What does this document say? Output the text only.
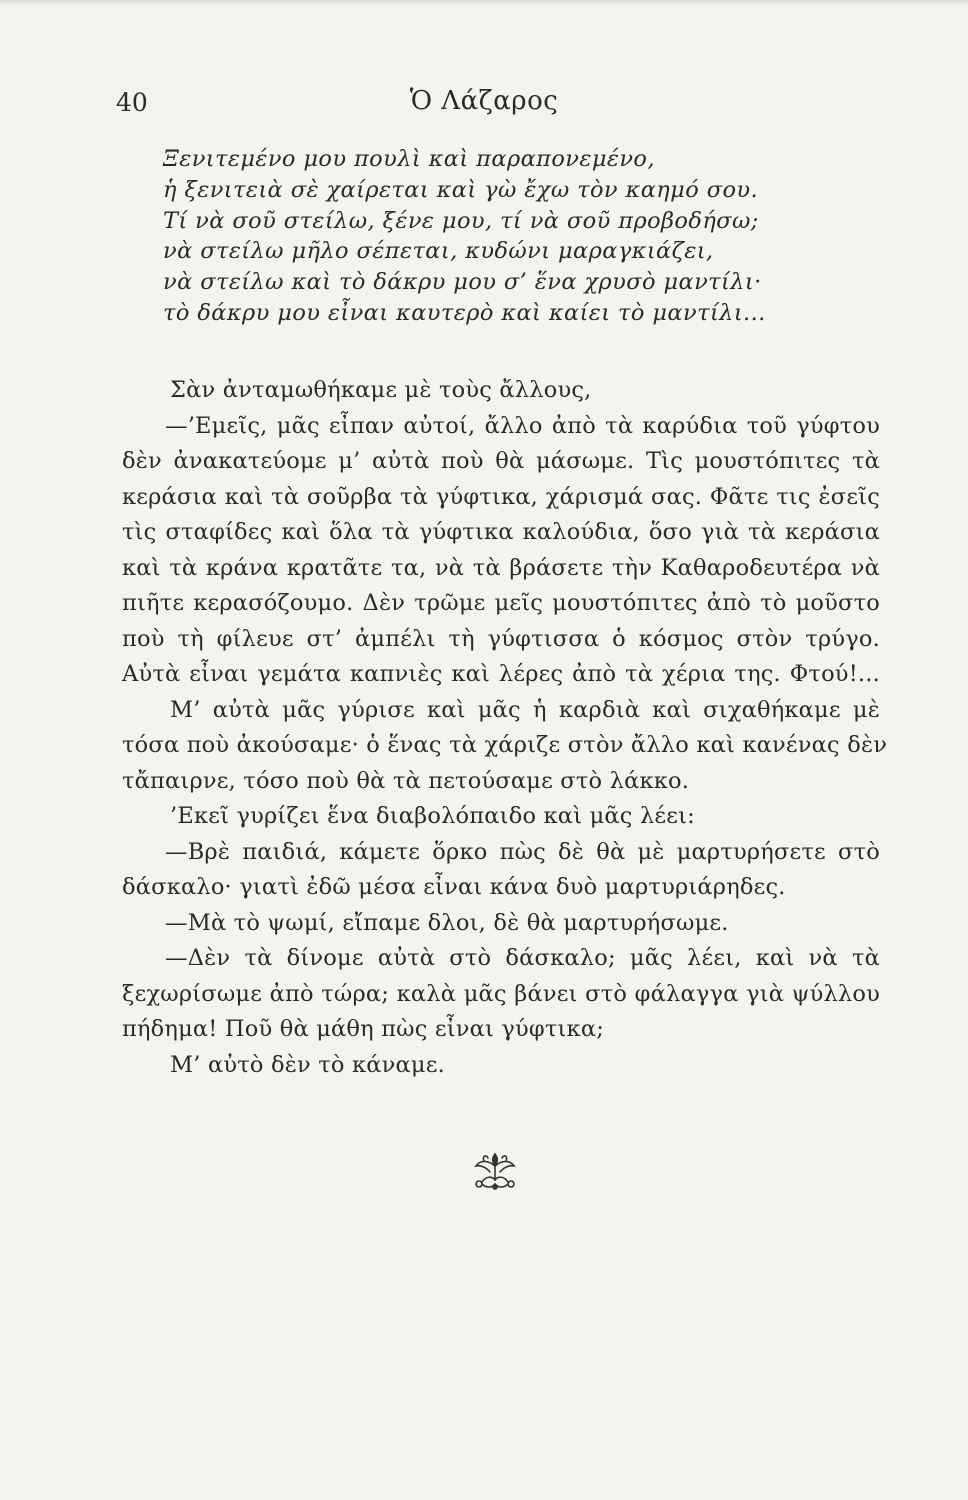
40	Ὁ Λάζαρος
Ξενιτεμένο μου πουλὶ καὶ παραπονεμένο,
ἡ ξενιτειὰ σὲ χαίρεται καὶ γὼ ἔχω τὸν καημό σου.
Τί νὰ σοῦ στείλω, ξένε μου, τί νὰ σοῦ προβοδήσω;
νὰ στείλω μῆλο σέπεται, κυδώνι μαραγκιάζει,
νὰ στείλω καὶ τὸ δάκρυ μου σ’ ἕνα χρυσὸ μαντίλι·
τὸ δάκρυ μου εἶναι καυτερὸ καὶ καίει τὸ μαντίλι...
Σὰν ἀνταμωθήκαμε μὲ τοὺς ἄλλους,
—’Εμεῖς, μᾶς εἶπαν αὐτοί, ἄλλο ἀπὸ τὰ καρύδια τοῦ γύφτου
δὲν ἀνακατεύομε μ’ αὐτὰ ποὺ θὰ μάσωμε. Τὶς μουστόπιτες τὰ
κεράσια καὶ τὰ σοῦρβα τὰ γύφτικα, χάρισμά σας. Φᾶτε τις ἐσεῖς
τὶς σταφίδες καὶ ὅλα τὰ γύφτικα καλούδια, ὅσο γιὰ τὰ κεράσια
καὶ τὰ κράνα κρατᾶτε τα, νὰ τὰ βράσετε τὴν Καθαροδευτέρα νὰ
πιῆτε κερασόζουμο. Δὲν τρῶμε μεῖς μουστόπιτες ἀπὸ τὸ μοῦστο
ποὺ τὴ φίλευε στ’ ἀμπέλι τὴ γύφτισσα ὁ κόσμος στὸν τρύγο.
Αὐτὰ εἶναι γεμάτα καπνιὲς καὶ λέρες ἀπὸ τὰ χέρια της. Φτού!...
Μ’ αὐτὰ μᾶς γύρισε καὶ μᾶς ἡ καρδιὰ καὶ σιχαθήκαμε μὲ
τόσα ποὺ ἀκούσαμε· ὁ ἕνας τὰ χάριζε στὸν ἄλλο καὶ κανένας δὲν
τἄπαιρνε, τόσο ποὺ θὰ τὰ πετούσαμε στὸ λάκκο.
’Εκεῖ γυρίζει ἕνα διαβολόπαιδο καὶ μᾶς λέει:
—Βρὲ παιδιά, κάμετε ὅρκο πὼς δὲ θὰ μὲ μαρτυρήσετε στὸ
δάσκαλο· γιατὶ ἐδῶ μέσα εἶναι κάνα δυὸ μαρτυριάρηδες.
—Μὰ τὸ ψωμί, εἴπαμε δλοι, δὲ θὰ μαρτυρήσωμε.
—Δὲν τὰ δίνομε αὐτὰ στὸ δάσκαλο; μᾶς λέει, καὶ νὰ τὰ
ξεχωρίσωμε ἀπὸ τώρα; καλὰ μᾶς βάνει στὸ φάλαγγα γιὰ ψύλλου
πήδημα! Ποῦ θὰ μάθη πὼς εἶναι γύφτικα;
Μ’ αὐτὸ δὲν τὸ κάναμε.
